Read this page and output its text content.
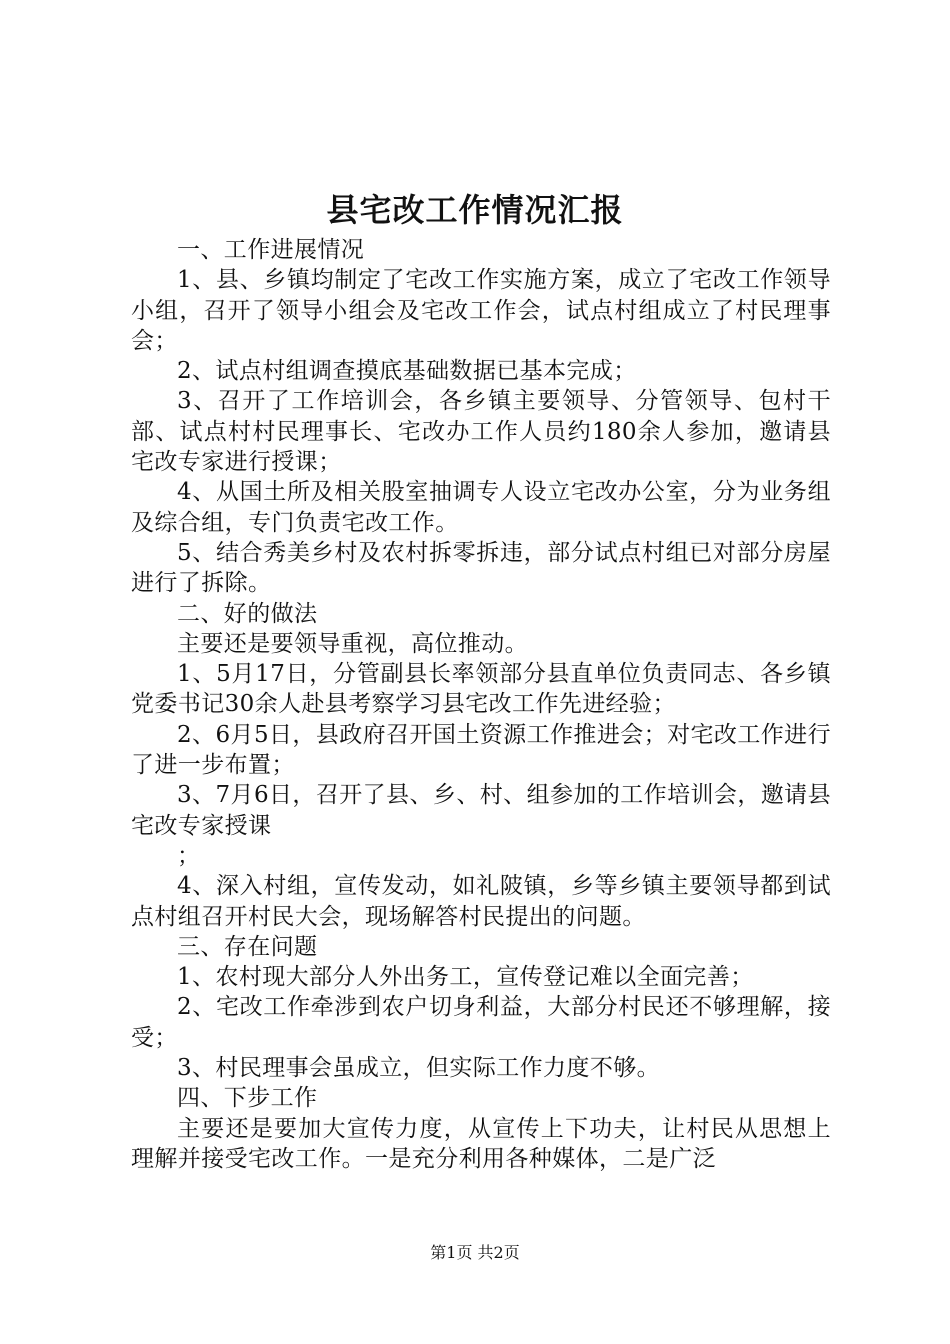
县宅改工作情况汇报

一、工作进展情况

1、县、乡镇均制定了宅改工作实施方案，成立了宅改工作领导小组，召开了领导小组会及宅改工作会，试点村组成立了村民理事会；

2、试点村组调查摸底基础数据已基本完成；

3、召开了工作培训会，各乡镇主要领导、分管领导、包村干部、试点村村民理事长、宅改办工作人员约180余人参加，邀请县宅改专家进行授课；

4、从国土所及相关股室抽调专人设立宅改办公室，分为业务组及综合组，专门负责宅改工作。

5、结合秀美乡村及农村拆零拆违，部分试点村组已对部分房屋进行了拆除。

二、好的做法

主要还是要领导重视，高位推动。

1、5月17日，分管副县长率领部分县直单位负责同志、各乡镇党委书记30余人赴县考察学习县宅改工作先进经验；

2、6月5日，县政府召开国土资源工作推进会；对宅改工作进行了进一步布置；

3、7月6日，召开了县、乡、村、组参加的工作培训会，邀请县宅改专家授课

；

4、深入村组，宣传发动，如礼陂镇，乡等乡镇主要领导都到试点村组召开村民大会，现场解答村民提出的问题。

三、存在问题

1、农村现大部分人外出务工，宣传登记难以全面完善；

2、宅改工作牵涉到农户切身利益，大部分村民还不够理解，接受；

3、村民理事会虽成立，但实际工作力度不够。

四、下步工作

主要还是要加大宣传力度，从宣传上下功夫，让村民从思想上理解并接受宅改工作。一是充分利用各种媒体，二是广泛

第1页 共2页
